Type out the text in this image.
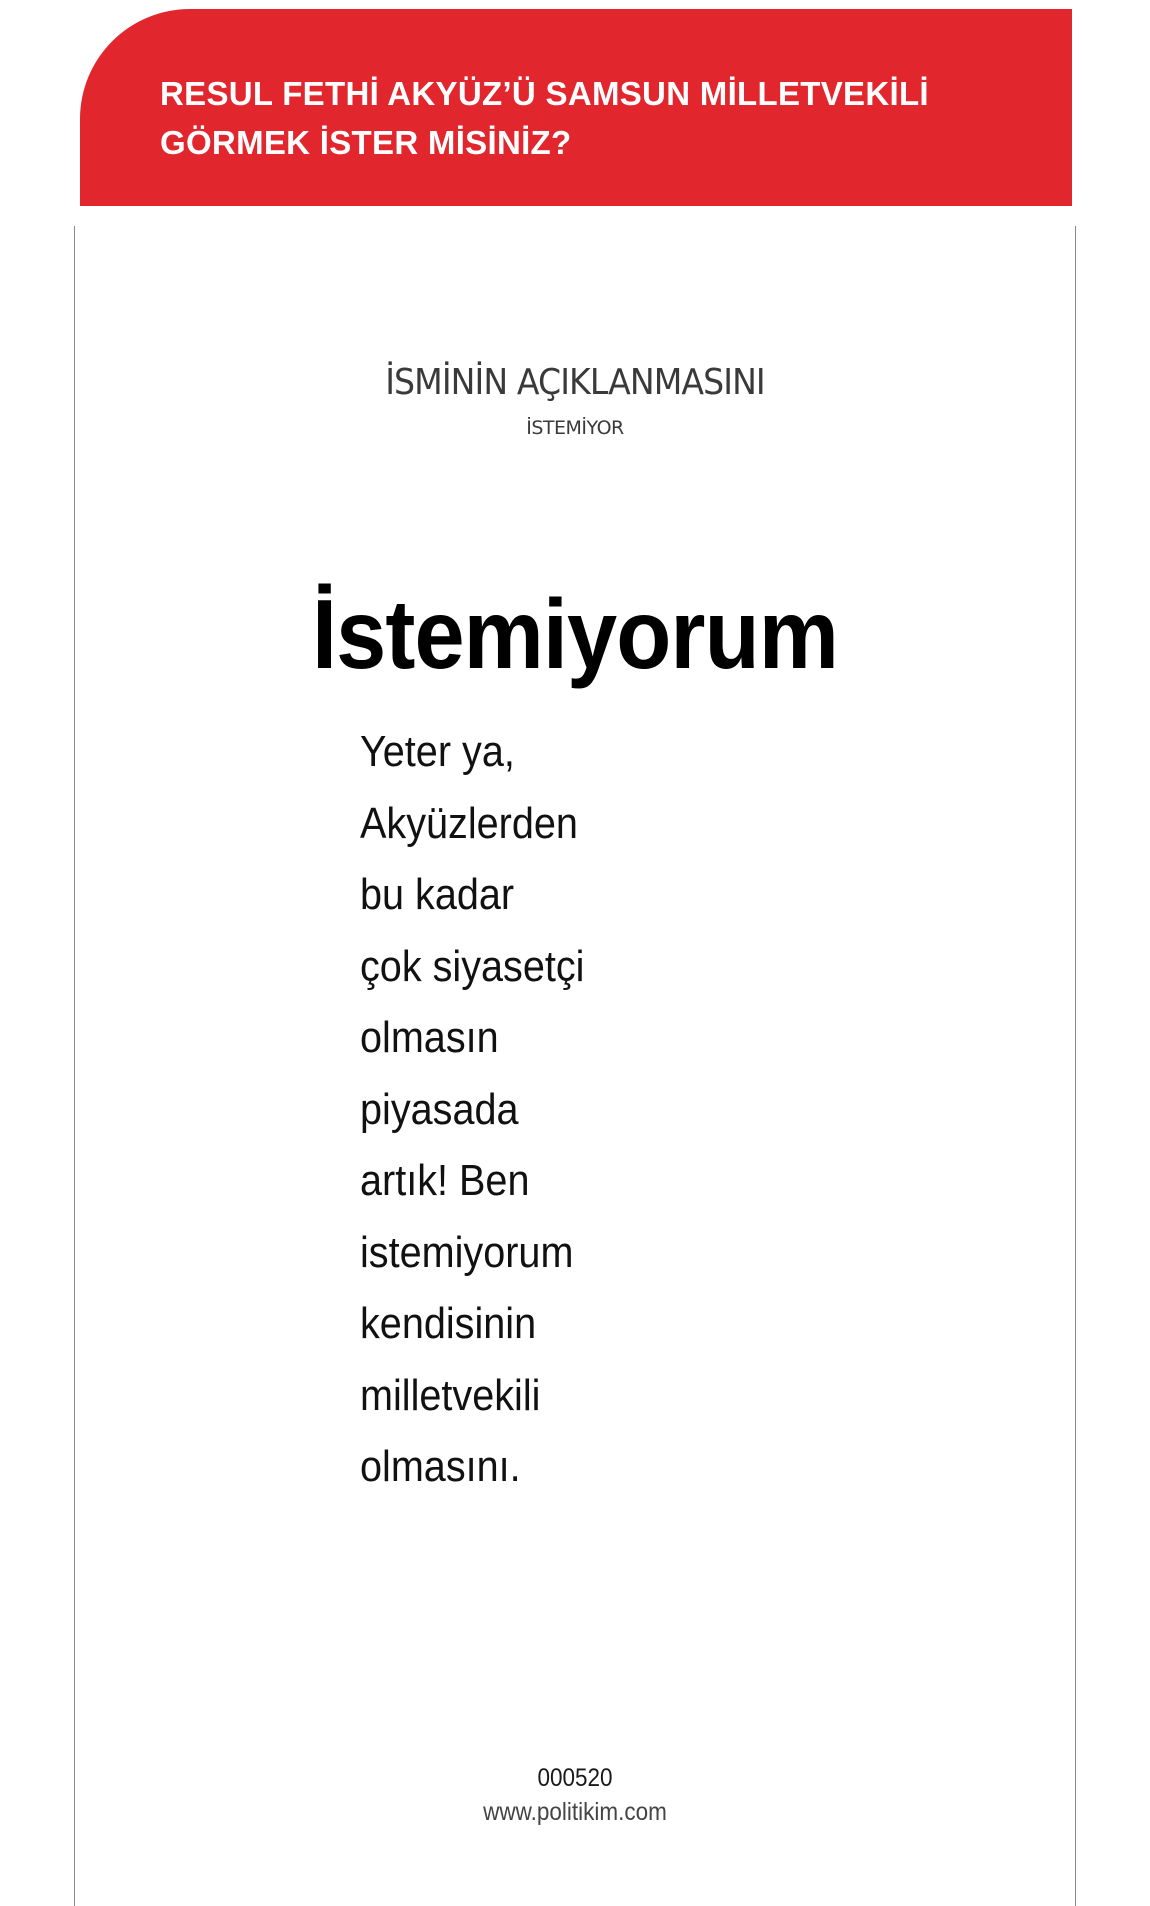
RESUL FETHİ AKYÜZ’Ü SAMSUN MİLLETVEKİLİ
GÖRMEK İSTER MİSİNİZ?
İSMİNİN AÇIKLANMASINI
İSTEMİYOR
İstemiyorum
Yeter ya,
Akyüzlerden
bu kadar
çok siyasetçi
olmasın
piyasada
artık! Ben
istemiyorum
kendisinin
milletvekili
olmasını.
000520
www.politikim.com
